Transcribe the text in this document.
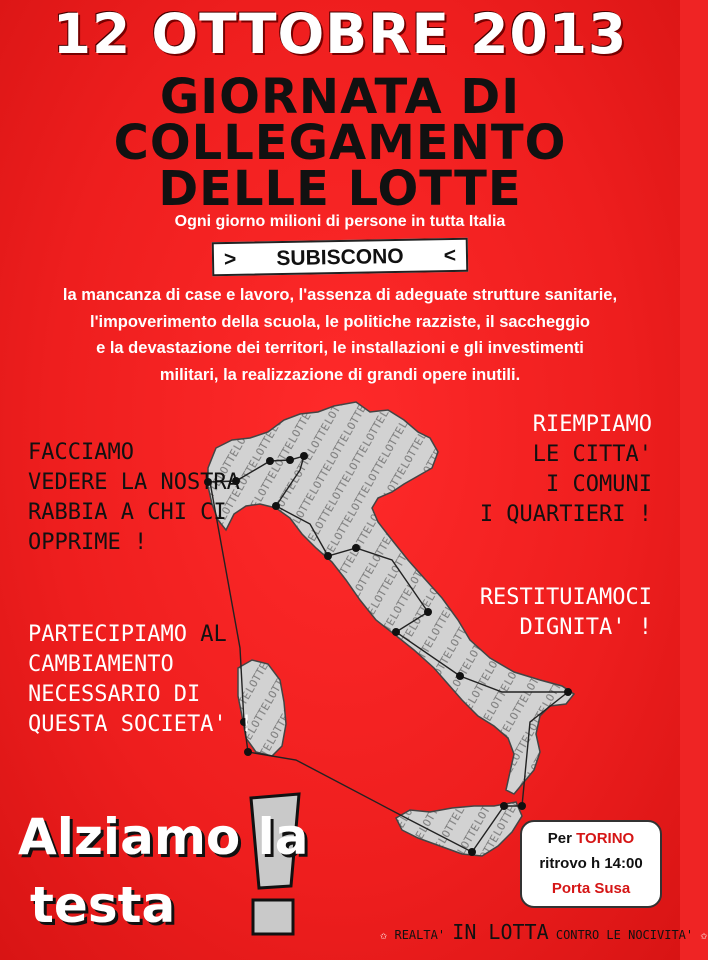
12 OTTOBRE 2013
GIORNATA DI
COLLEGAMENTO
DELLE LOTTE
Ogni giorno milioni di persone in tutta Italia
>	SUBISCONO	<
la mancanza di case e lavoro, l'assenza di adeguate strutture sanitarie,
l'impoverimento della scuola, le politiche razziste, il saccheggio
e la devastazione dei territori, le installazioni e gli investimenti
militari, la realizzazione di grandi opere inutili.
FACCIAMO
VEDERE LA NOSTRA
RABBIA A CHI CI
OPPRIME !
PARTECIPIAMO AL
CAMBIAMENTO
NECESSARIO DI
QUESTA SOCIETA' !
RIEMPIAMO
LE CITTA'
I COMUNI
I QUARTIERI !
RESTITUIAMOCI
DIGNITA' !
Alziamo la
testa
Per TORINO
ritrovo h 14:00
Porta Susa
✩ REALTA' IN LOTTA CONTRO LE NOCIVITA' ✩
